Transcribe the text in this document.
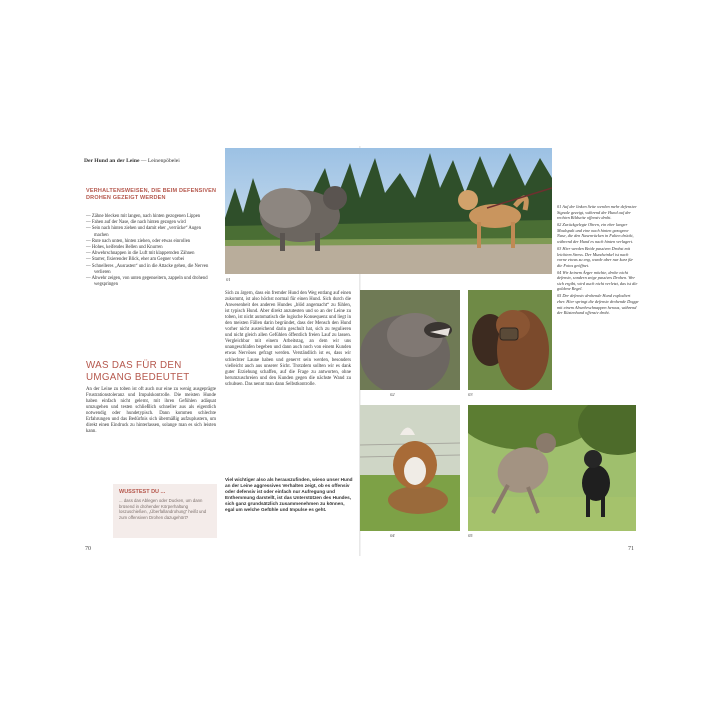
Der Hund an der Leine — Leinenpöbelei
VERHALTENSWEISEN, DIE BEIM DEFENSIVEN DROHEN GEZEIGT WERDEN
— Zähne blecken mit langen, nach hinten gezogenen Lippen
— Fahen auf der Nase, die nach hinten gezogen wird
— Sein nach hinten ziehen und damit eher „verrücke“ Augen machen
— Rute nach unten, hinten ziehen, oder etwas einrollen
— Hohes, keifendes Bellen und Knurren
— Abwehrschnappen in die Luft mit klappernden Zähnen
— Starrer, fixierender Blick, eher am Gegner vorbei
— Schnelleres „Ausrasten“ und in die Attacke gehen, die Nerven verlieren
— Abwehr zeigen, von unten gegenseitern, zappeln und drohend wegspringen
WAS DAS FÜR DEN UMGANG BEDEUTET
An der Leine zu toben ist oft auch nur eine zu wenig ausgeprägte Frustrationstoleranz und Impulskontrolle. Die meisten Hunde haben einfach nicht gelernt, mit ihren Gefühlen adäquat umzugehen und testen schließlich schneller aus als eigentlich notwendig oder hundetypisch. Dann kommen schlechte Erfahrungen und das Bedürfnis sich übermäßig aufzuplustern, um direkt einen Eindruck zu hinterlassen, solange man es sich leisten kann.
WUSSTEST DU ...
... dass das Ablegen oder Ducken, um dann brüsend in drohender Körperhaltung loszuschießen, „Überfallandrohung“ heißt und zum offensiven Drohen dazugehört?
70
01
Sich zu ärgern, dass ein fremder Hund den Weg entlang auf einen zukommt, ist also höchst normal für einen Hund. Sich durch die Anwesenheit des anderen Hundes „blöd angemacht“ zu fühlen, ist typisch Hund. Aber direkt anzutesten und so an der Leine zu toben, ist nicht automatisch die logische Konsequenz und liegt in den meisten Fällen darin begründet, dass der Mensch den Hund vorher nicht ausreichend darin geschult hat, sich zu regulieren und nicht gleich allen Gefühlen öffentlich freien Lauf zu lassen. Vergleichbar mit einem Arbeitstag, an dem wir uns unangeschlafen begeben und dann auch noch von einem Kunden etwas Nervöses gefragt werden. Verständlich ist es, dass wir schlechter Laune haben und genervt sein werden, besonders vielleicht auch aus unserer Sicht. Trotzdem sollten wir es dank guter Erziehung schaffen, auf die Frage zu antworten, ohne herumzuschreien und den Kunden gegen die nächste Wand zu schubsen. Das nennt man dann Selbstkontrolle.
Viel wichtiger also als herauszufinden, wieso unser Hund an der Leine aggressives Verhalten zeigt, ob es offensiv oder defensiv ist oder einfach nur Aufregung und Enthemmung darstellt, ist das Unterstützen des Hundes, sich ganz grundsätzlich zusammenehmen zu können, egal um welche Gefühle und Impulse es geht.
02	03
04	05
01 Auf der linken Seite werden mehr defensive Signale gezeigt, während der Hund auf der rechten Bildseite offensiv droht.
02 Zurückgelegte Ohren, ein eher langer Maulspalt und eine nach hinten gezogene Nase, die den Nasenrücken in Falten drückt, während der Hund es nach hinten verlagert.
03 Hier werden Beide passiven Drohst mit leichtem Stress. Der Mundwinkel ist nach vorne etwas zu eng, wurde aber nur kurz für die Fotos geöffnet.
04 Wir keinem Ärger möchte, drohe nicht defensiv, sondern zeige passives Drohen. Wer sich ergibt, wird auch nicht verletzt, das ist die goldene Regel.
05 Der defensiv drohende Hund explodiert eher. Hier springt die defensiv drohende Dogge mit einem Abwehrschnappen heraus, während der Rüstenhund offensiv droht.
71
